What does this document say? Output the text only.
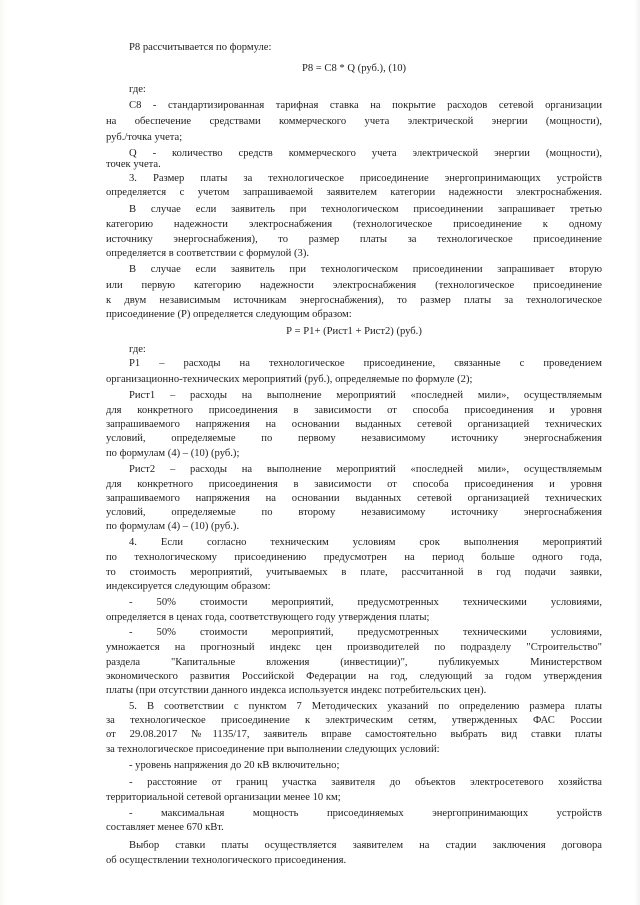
Р8 рассчитывается по формуле:
Р8 = С8 * Q (руб.), (10)
где:
С8 - стандартизированная тарифная ставка на покрытие расходов сетевой организации
на обеспечение средствами коммерческого учета электрической энергии (мощности),
руб./точка учета;
Q - количество средств коммерческого учета электрической энергии (мощности),
точек учета.
3. Размер платы за технологическое присоединение энергопринимающих устройств
определяется с учетом запрашиваемой заявителем категории надежности электроснабжения.
В случае если заявитель при технологическом присоединении запрашивает третью
категорию надежности электроснабжения (технологическое присоединение к одному
источнику энергоснабжения), то размер платы за технологическое присоединение
определяется в соответствии с формулой (3).
В случае если заявитель при технологическом присоединении запрашивает вторую
или первую категорию надежности электроснабжения (технологическое присоединение
к двум независимым источникам энергоснабжения), то размер платы за технологическое
присоединение (Р) определяется следующим образом:
Р = Р1+ (Рист1 + Рист2) (руб.)
где:
Р1 – расходы на технологическое присоединение, связанные с проведением
организационно-технических мероприятий (руб.), определяемые по формуле (2);
Рист1 – расходы на выполнение мероприятий «последней мили», осуществляемым
для конкретного присоединения в зависимости от способа присоединения и уровня
запрашиваемого напряжения на основании выданных сетевой организацией технических
условий, определяемые по первому независимому источнику энергоснабжения
по формулам (4) – (10) (руб.);
Рист2 – расходы на выполнение мероприятий «последней мили», осуществляемым
для конкретного присоединения в зависимости от способа присоединения и уровня
запрашиваемого напряжения на основании выданных сетевой организацией технических
условий, определяемые по второму независимому источнику энергоснабжения
по формулам (4) – (10) (руб.).
4. Если согласно техническим условиям срок выполнения мероприятий
по технологическому присоединению предусмотрен на период больше одного года,
то стоимость мероприятий, учитываемых в плате, рассчитанной в год подачи заявки,
индексируется следующим образом:
- 50% стоимости мероприятий, предусмотренных техническими условиями,
определяется в ценах года, соответствующего году утверждения платы;
- 50% стоимости мероприятий, предусмотренных техническими условиями,
умножается на прогнозный индекс цен производителей по подразделу "Строительство"
раздела "Капитальные вложения (инвестиции)", публикуемых Министерством
экономического развития Российской Федерации на год, следующий за годом утверждения
платы (при отсутствии данного индекса используется индекс потребительских цен).
5. В соответствии с пунктом 7 Методических указаний по определению размера платы
за технологическое присоединение к электрическим сетям, утвержденных ФАС России
от 29.08.2017 №1135/17, заявитель вправе самостоятельно выбрать вид ставки платы
за технологическое присоединение при выполнении следующих условий:
- уровень напряжения до 20 кВ включительно;
- расстояние от границ участка заявителя до объектов электросетевого хозяйства
территориальной сетевой организации менее 10 км;
- максимальная мощность присоединяемых энергопринимающих устройств
составляет менее 670 кВт.
Выбор ставки платы осуществляется заявителем на стадии заключения договора
об осуществлении технологического присоединения.
